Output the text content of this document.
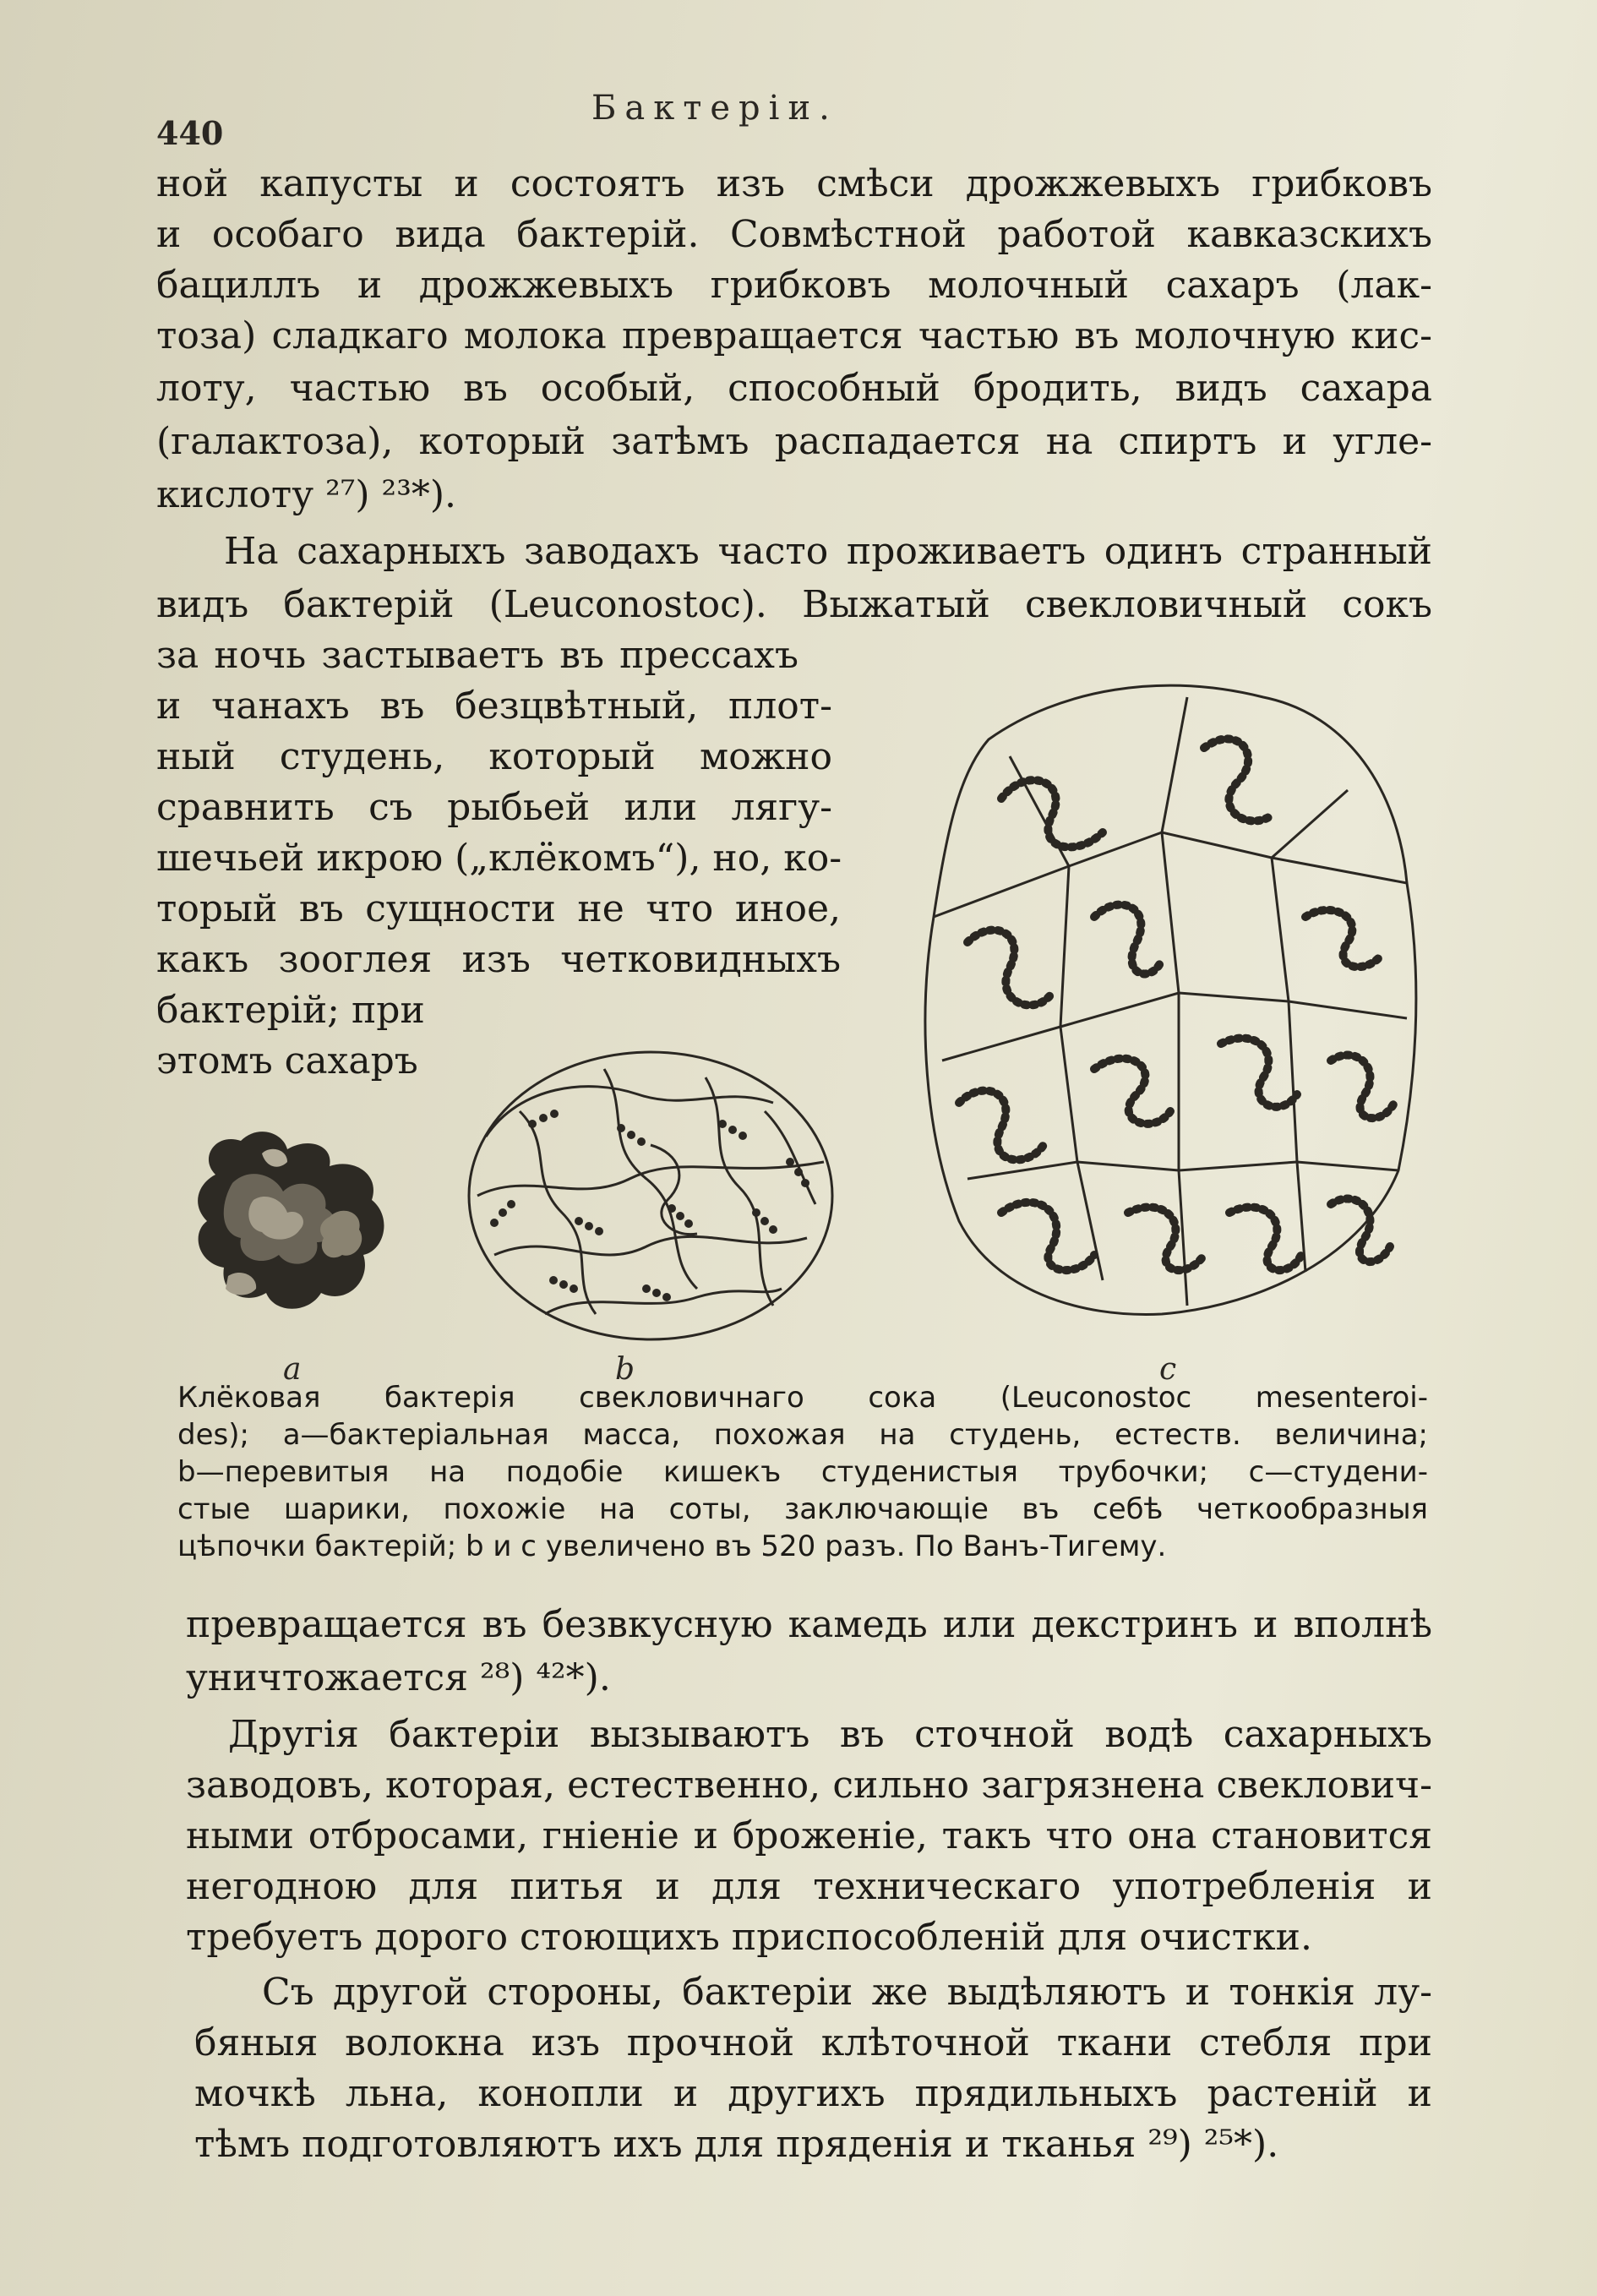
440
Бактеріи.
ной капусты и состоятъ изъ смѣси дрожжевыхъ грибковъ
и особаго вида бактерій. Совмѣстной работой кавказскихъ
бациллъ и дрожжевыхъ грибковъ молочный сахаръ (лак-
тоза) сладкаго молока превращается частью въ молочную кис-
лоту, частью въ особый, способный бродить, видъ сахара
(галактоза), который затѣмъ распадается на спиртъ и угле-
кислоту ²⁷) ²³*).
На сахарныхъ заводахъ часто проживаетъ одинъ странный
видъ бактерій (Leuconostoc). Выжатый свекловичный сокъ
за ночь застываетъ въ прессахъ
и чанахъ въ безцвѣтный, плот-
ный студень, который можно
сравнить съ рыбьей или лягу-
шечьей икрою („клёкомъ“), но, ко-
торый въ сущности не что иное,
какъ зооглея изъ четковидныхъ
бактерій; при
этомъ сахаръ
a	b	c
Клёковая бактерія свекловичнаго сока (Leuconostoc mesenteroi-
des); a—бактеріальная масса, похожая на студень, естеств. величина;
b—перевитыя на подобіе кишекъ студенистыя трубочки; c—студени-
стые шарики, похожіе на соты, заключающіе въ себѣ четкообразныя
цѣпочки бактерій; b и c увеличено въ 520 разъ. По Ванъ-Тигему.
превращается въ безвкусную камедь или декстринъ и вполнѣ
уничтожается ²⁸) ⁴²*).
Другія бактеріи вызываютъ въ сточной водѣ сахарныхъ
заводовъ, которая, естественно, сильно загрязнена свеклович-
ными отбросами, гніеніе и броженіе, такъ что она становится
негодною для питья и для техническаго употребленія и
требуетъ дорого стоющихъ приспособленій для очистки.
Съ другой стороны, бактеріи же выдѣляютъ и тонкія лу-
бяныя волокна изъ прочной клѣточной ткани стебля при
мочкѣ льна, конопли и другихъ прядильныхъ растеній и
тѣмъ подготовляютъ ихъ для пряденія и тканья ²⁹) ²⁵*).
